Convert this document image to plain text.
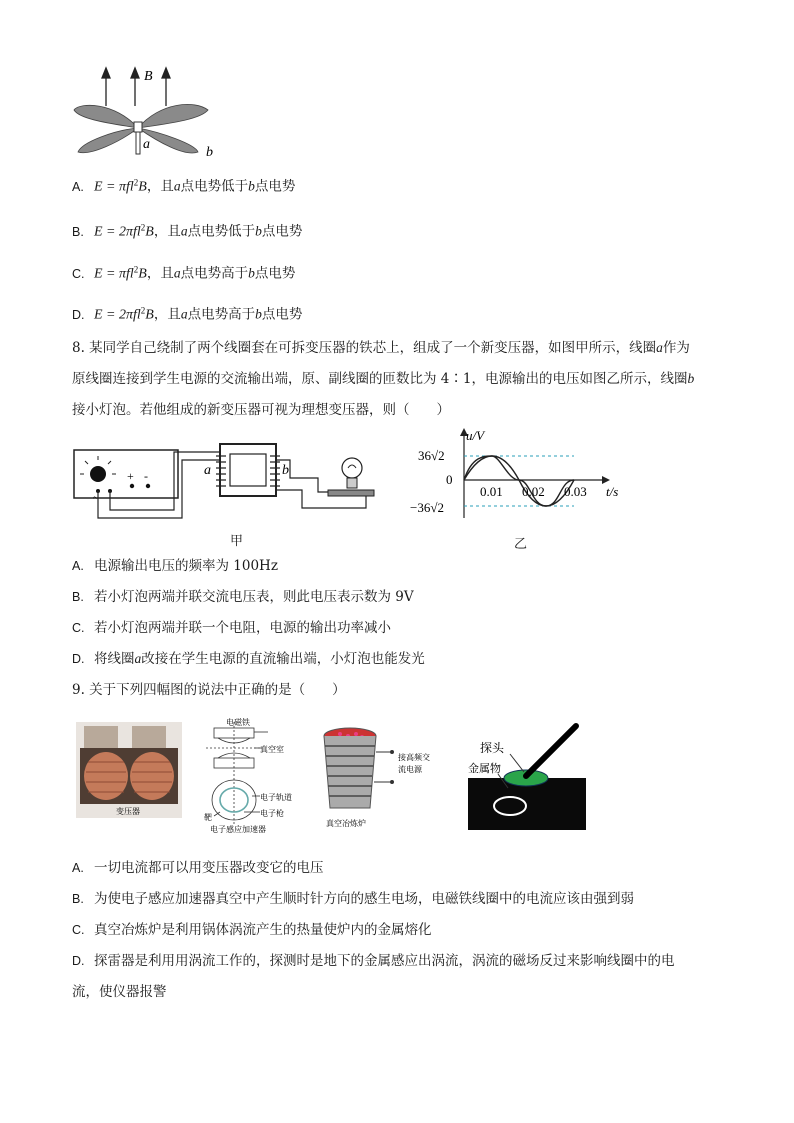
B
a
b
A. E = πfl$^2$B，且a点电势低于b点电势
B. E = 2πfl$^2$B，且a点电势低于b点电势
C. E = πfl$^2$B，且a点电势高于b点电势
D. E = 2πfl$^2$B，且a点电势高于b点电势
8. 某同学自己绕制了两个线圈套在可拆变压器的铁芯上，组成了一个新变压器，如图甲所示，线圈a作为
原线圈连接到学生电源的交流输出端，原、副线圈的匝数比为 4∶1，电源输出的电压如图乙所示，线圈b
接小灯泡。若他组成的新变压器可视为理想变压器，则（　　）
+ -
~
a	b
u/V
36√2
−36√2
0
0.01 0.02 0.03 t/s
甲	乙
A. 电源输出电压的频率为 100Hz
B. 若小灯泡两端并联交流电压表，则此电压表示数为 9V
C. 若小灯泡两端并联一个电阻，电源的输出功率减小
D. 将线圈a改接在学生电源的直流输出端，小灯泡也能发光
9. 关于下列四幅图的说法中正确的是（　　）
变压器
电磁铁
真空室
电子轨道
电子枪
靶
电子感应加速器
接高频交
流电源
真空冶炼炉
探头
金属物
A. 一切电流都可以用变压器改变它的电压
B. 为使电子感应加速器真空中产生顺时针方向的感生电场，电磁铁线圈中的电流应该由强到弱
C. 真空冶炼炉是利用锅体涡流产生的热量使炉内的金属熔化
D. 探雷器是利用用涡流工作的，探测时是地下的金属感应出涡流，涡流的磁场反过来影响线圈中的电
流，使仪器报警
